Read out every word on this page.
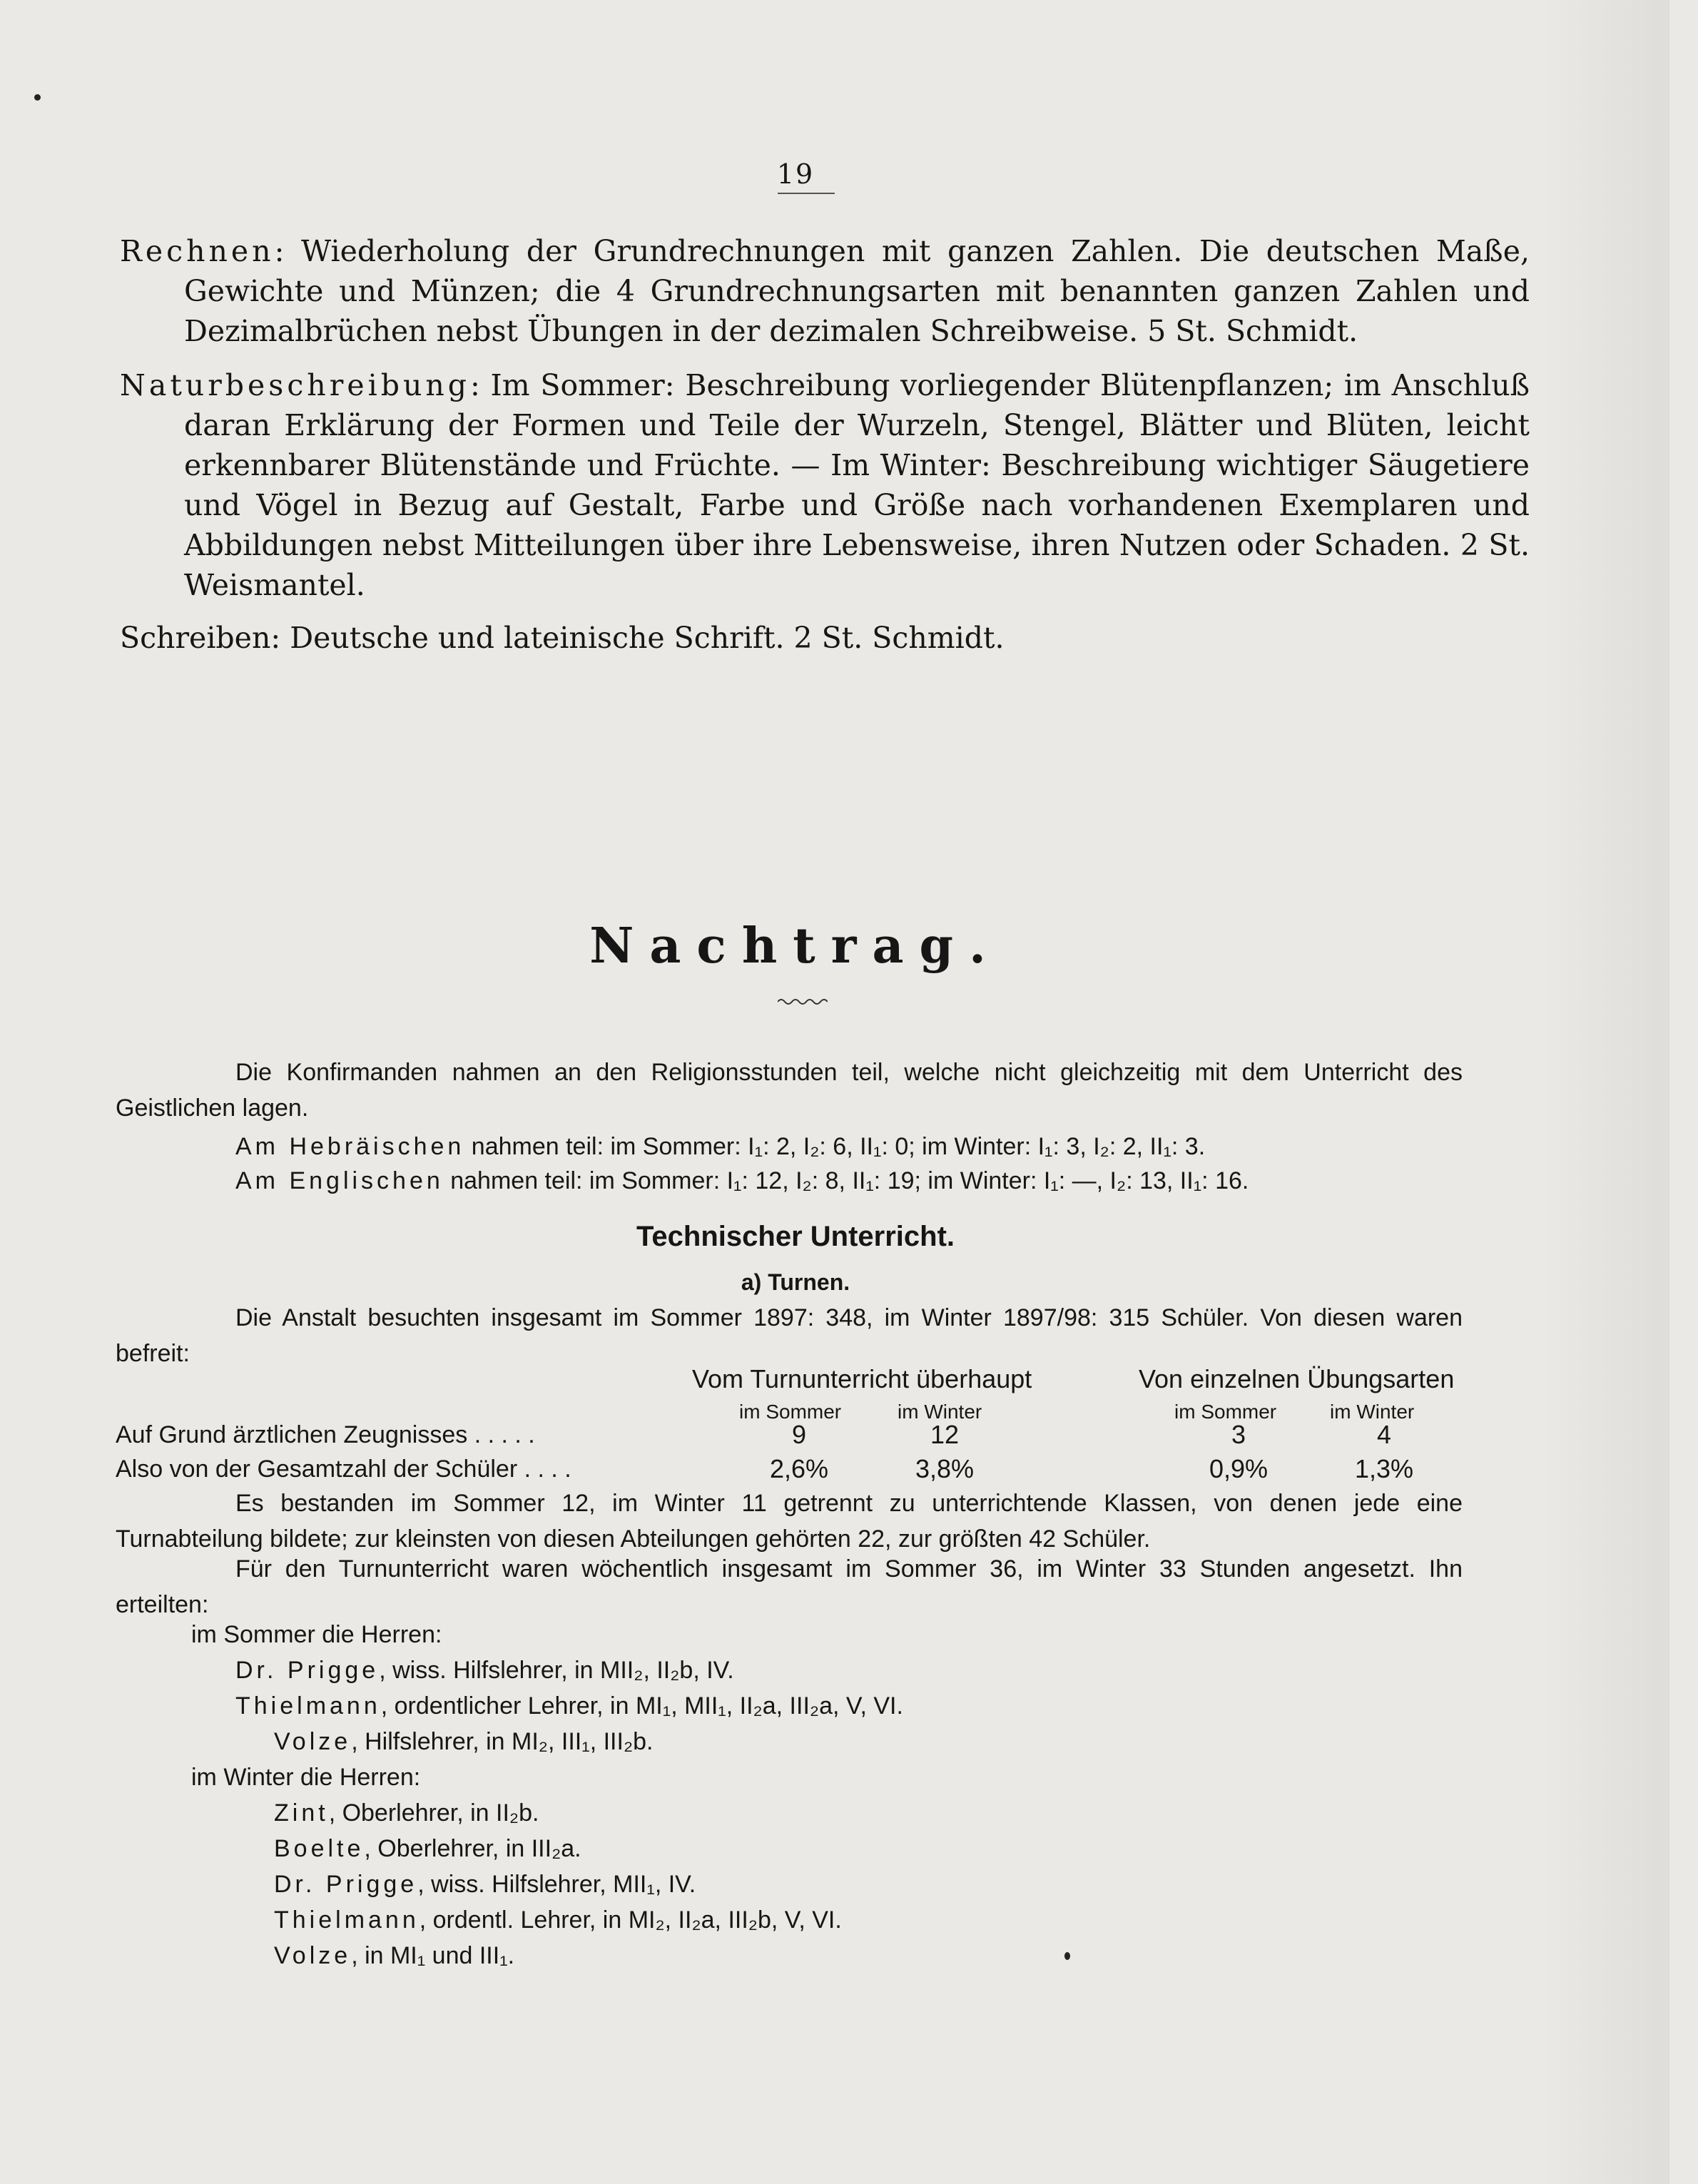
19
Rechnen: Wiederholung der Grundrechnungen mit ganzen Zahlen. Die deutschen Maße, Gewichte und Münzen; die 4 Grundrechnungsarten mit benannten ganzen Zahlen und Dezimalbrüchen nebst Übungen in der dezimalen Schreibweise. 5 St. Schmidt.
Naturbeschreibung: Im Sommer: Beschreibung vorliegender Blütenpflanzen; im Anschluß daran Erklärung der Formen und Teile der Wurzeln, Stengel, Blätter und Blüten, leicht erkennbarer Blütenstände und Früchte. — Im Winter: Beschreibung wichtiger Säugetiere und Vögel in Bezug auf Gestalt, Farbe und Größe nach vorhandenen Exemplaren und Abbildungen nebst Mitteilungen über ihre Lebensweise, ihren Nutzen oder Schaden. 2 St. Weismantel.
Schreiben: Deutsche und lateinische Schrift. 2 St. Schmidt.
Nachtrag.
Die Konfirmanden nahmen an den Religionsstunden teil, welche nicht gleichzeitig mit dem Unterricht des Geistlichen lagen.
Am Hebräischen nahmen teil: im Sommer: I₁: 2, I₂: 6, II₁: 0; im Winter: I₁: 3, I₂: 2, II₁: 3.
Am Englischen nahmen teil: im Sommer: I₁: 12, I₂: 8, II₁: 19; im Winter: I₁: —, I₂: 13, II₁: 16.
Technischer Unterricht.
a) Turnen.
Die Anstalt besuchten insgesamt im Sommer 1897: 348, im Winter 1897/98: 315 Schüler. Von diesen waren befreit:
Vom Turnunterricht überhaupt	Von einzelnen Übungsarten
im Sommer	im Winter	im Sommer	im Winter
Auf Grund ärztlichen Zeugnisses . . . . .	9	12	3	4
Also von der Gesamtzahl der Schüler . . . .	2,6%	3,8%	0,9%	1,3%
Es bestanden im Sommer 12, im Winter 11 getrennt zu unterrichtende Klassen, von denen jede eine Turnabteilung bildete; zur kleinsten von diesen Abteilungen gehörten 22, zur größten 42 Schüler.
Für den Turnunterricht waren wöchentlich insgesamt im Sommer 36, im Winter 33 Stunden angesetzt. Ihn erteilten:
im Sommer die Herren:
Dr. Prigge, wiss. Hilfslehrer, in MII₂, II₂b, IV.
Thielmann, ordentlicher Lehrer, in MI₁, MII₁, II₂a, III₂a, V, VI.
Volze, Hilfslehrer, in MI₂, III₁, III₂b.
im Winter die Herren:
Zint, Oberlehrer, in II₂b.
Boelte, Oberlehrer, in III₂a.
Dr. Prigge, wiss. Hilfslehrer, MII₁, IV.
Thielmann, ordentl. Lehrer, in MI₂, II₂a, III₂b, V, VI.
Volze, in MI₁ und III₁.
